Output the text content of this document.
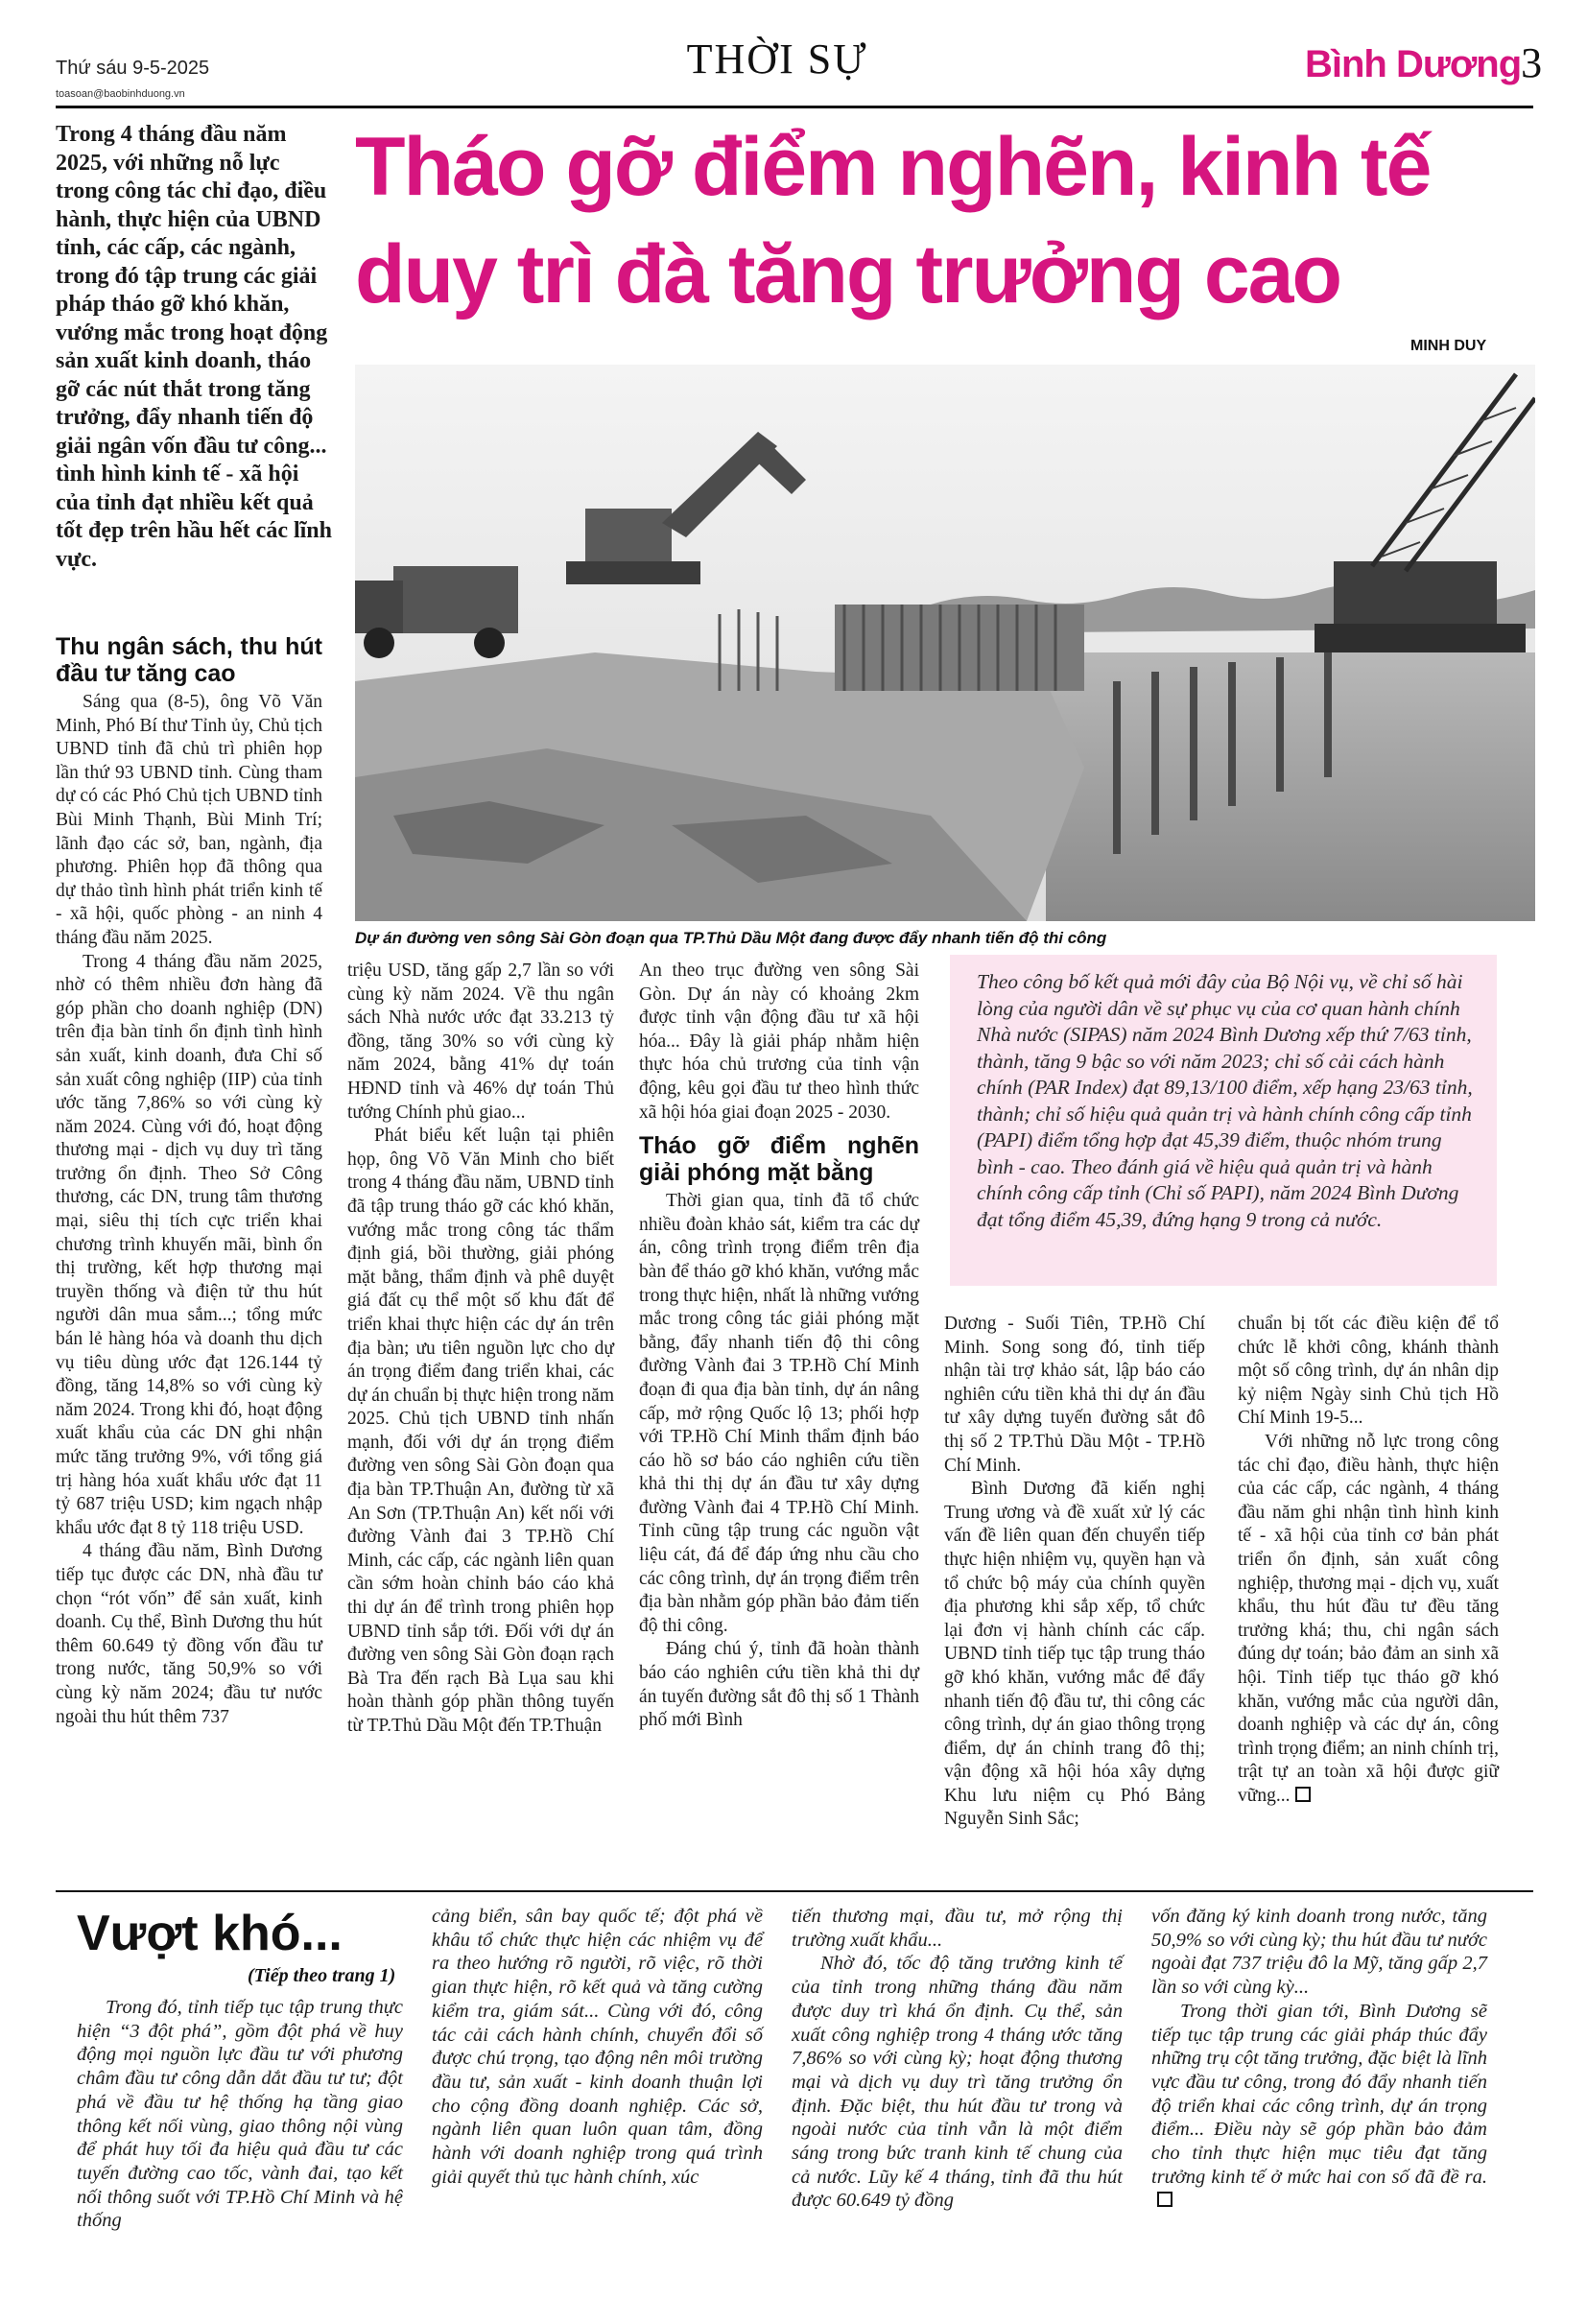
Thứ sáu 9-5-2025
toasoan@baobinhduong.vn
THỜI SỰ	Bình Dương3
Trong 4 tháng đầu năm 2025, với những nỗ lực trong công tác chỉ đạo, điều hành, thực hiện của UBND tỉnh, các cấp, các ngành, trong đó tập trung các giải pháp tháo gỡ khó khăn, vướng mắc trong hoạt động sản xuất kinh doanh, tháo gỡ các nút thắt trong tăng trưởng, đẩy nhanh tiến độ giải ngân vốn đầu tư công... tình hình kinh tế - xã hội của tỉnh đạt nhiều kết quả tốt đẹp trên hầu hết các lĩnh vực.
Tháo gỡ điểm nghẽn, kinh tế
duy trì đà tăng trưởng cao
MINH DUY
Dự án đường ven sông Sài Gòn đoạn qua TP.Thủ Dầu Một đang được đẩy nhanh tiến độ thi công
Thu ngân sách, thu hút đầu tư tăng cao

Sáng qua (8-5), ông Võ Văn Minh, Phó Bí thư Tỉnh ủy, Chủ tịch UBND tỉnh đã chủ trì phiên họp lần thứ 93 UBND tỉnh. Cùng tham dự có các Phó Chủ tịch UBND tỉnh Bùi Minh Thạnh, Bùi Minh Trí; lãnh đạo các sở, ban, ngành, địa phương. Phiên họp đã thông qua dự thảo tình hình phát triển kinh tế - xã hội, quốc phòng - an ninh 4 tháng đầu năm 2025.

Trong 4 tháng đầu năm 2025, nhờ có thêm nhiều đơn hàng đã góp phần cho doanh nghiệp (DN) trên địa bàn tỉnh ổn định tình hình sản xuất, kinh doanh, đưa Chỉ số sản xuất công nghiệp (IIP) của tỉnh ước tăng 7,86% so với cùng kỳ năm 2024. Cùng với đó, hoạt động thương mại - dịch vụ duy trì tăng trưởng ổn định. Theo Sở Công thương, các DN, trung tâm thương mại, siêu thị tích cực triển khai chương trình khuyến mãi, bình ổn thị trường, kết hợp thương mại truyền thống và điện tử thu hút người dân mua sắm...; tổng mức bán lẻ hàng hóa và doanh thu dịch vụ tiêu dùng ước đạt 126.144 tỷ đồng, tăng 14,8% so với cùng kỳ năm 2024. Trong khi đó, hoạt động xuất khẩu của các DN ghi nhận mức tăng trưởng 9%, với tổng giá trị hàng hóa xuất khẩu ước đạt 11 tỷ 687 triệu USD; kim ngạch nhập khẩu ước đạt 8 tỷ 118 triệu USD.

4 tháng đầu năm, Bình Dương tiếp tục được các DN, nhà đầu tư chọn “rót vốn” để sản xuất, kinh doanh. Cụ thể, Bình Dương thu hút thêm 60.649 tỷ đồng vốn đầu tư trong nước, tăng 50,9% so với cùng kỳ năm 2024; đầu tư nước ngoài thu hút thêm 737

triệu USD, tăng gấp 2,7 lần so với cùng kỳ năm 2024. Về thu ngân sách Nhà nước ước đạt 33.213 tỷ đồng, tăng 30% so với cùng kỳ năm 2024, bằng 41% dự toán HĐND tỉnh và 46% dự toán Thủ tướng Chính phủ giao...

Phát biểu kết luận tại phiên họp, ông Võ Văn Minh cho biết trong 4 tháng đầu năm, UBND tỉnh đã tập trung tháo gỡ các khó khăn, vướng mắc trong công tác thẩm định giá, bồi thường, giải phóng mặt bằng, thẩm định và phê duyệt giá đất cụ thể một số khu đất để triển khai thực hiện các dự án trên địa bàn; ưu tiên nguồn lực cho dự án trọng điểm đang triển khai, các dự án chuẩn bị thực hiện trong năm 2025. Chủ tịch UBND tỉnh nhấn mạnh, đối với dự án trọng điểm đường ven sông Sài Gòn đoạn qua địa bàn TP.Thuận An, đường từ xã An Sơn (TP.Thuận An) kết nối với đường Vành đai 3 TP.Hồ Chí Minh, các cấp, các ngành liên quan cần sớm hoàn chỉnh báo cáo khả thi dự án để trình trong phiên họp UBND tỉnh sắp tới. Đối với dự án đường ven sông Sài Gòn đoạn rạch Bà Tra đến rạch Bà Lụa sau khi hoàn thành góp phần thông tuyến từ TP.Thủ Dầu Một đến TP.Thuận

An theo trục đường ven sông Sài Gòn. Dự án này có khoảng 2km được tỉnh vận động đầu tư xã hội hóa... Đây là giải pháp nhằm hiện thực hóa chủ trương của tỉnh vận động, kêu gọi đầu tư theo hình thức xã hội hóa giai đoạn 2025 - 2030.

Tháo gỡ điểm nghẽn giải phóng mặt bằng

Thời gian qua, tỉnh đã tổ chức nhiều đoàn khảo sát, kiểm tra các dự án, công trình trọng điểm trên địa bàn để tháo gỡ khó khăn, vướng mắc trong thực hiện, nhất là những vướng mắc trong công tác giải phóng mặt bằng, đẩy nhanh tiến độ thi công đường Vành đai 3 TP.Hồ Chí Minh đoạn đi qua địa bàn tỉnh, dự án nâng cấp, mở rộng Quốc lộ 13; phối hợp với TP.Hồ Chí Minh thẩm định báo cáo hồ sơ báo cáo nghiên cứu tiền khả thi thị dự án đầu tư xây dựng đường Vành đai 4 TP.Hồ Chí Minh. Tỉnh cũng tập trung các nguồn vật liệu cát, đá để đáp ứng nhu cầu cho các công trình, dự án trọng điểm trên địa bàn nhằm góp phần bảo đảm tiến độ thi công.

Đáng chú ý, tỉnh đã hoàn thành báo cáo nghiên cứu tiền khả thi dự án tuyến đường sắt đô thị số 1 Thành phố mới Bình

Theo công bố kết quả mới đây của Bộ Nội vụ, về chỉ số hài lòng của người dân về sự phục vụ của cơ quan hành chính Nhà nước (SIPAS) năm 2024 Bình Dương xếp thứ 7/63 tỉnh, thành, tăng 9 bậc so với năm 2023; chỉ số cải cách hành chính (PAR Index) đạt 89,13/100 điểm, xếp hạng 23/63 tỉnh, thành; chỉ số hiệu quả quản trị và hành chính công cấp tỉnh (PAPI) điểm tổng hợp đạt 45,39 điểm, thuộc nhóm trung bình - cao. Theo đánh giá về hiệu quả quản trị và hành chính công cấp tỉnh (Chỉ số PAPI), năm 2024 Bình Dương đạt tổng điểm 45,39, đứng hạng 9 trong cả nước.

Dương - Suối Tiên, TP.Hồ Chí Minh. Song song đó, tỉnh tiếp nhận tài trợ khảo sát, lập báo cáo nghiên cứu tiền khả thi dự án đầu tư xây dựng tuyến đường sắt đô thị số 2 TP.Thủ Dầu Một - TP.Hồ Chí Minh.

Bình Dương đã kiến nghị Trung ương và đề xuất xử lý các vấn đề liên quan đến chuyển tiếp thực hiện nhiệm vụ, quyền hạn và tổ chức bộ máy của chính quyền địa phương khi sắp xếp, tổ chức lại đơn vị hành chính các cấp. UBND tỉnh tiếp tục tập trung tháo gỡ khó khăn, vướng mắc để đẩy nhanh tiến độ đầu tư, thi công các công trình, dự án giao thông trọng điểm, dự án chỉnh trang đô thị; vận động xã hội hóa xây dựng Khu lưu niệm cụ Phó Bảng Nguyễn Sinh Sắc;

chuẩn bị tốt các điều kiện để tổ chức lễ khởi công, khánh thành một số công trình, dự án nhân dịp kỷ niệm Ngày sinh Chủ tịch Hồ Chí Minh 19-5...

Với những nỗ lực trong công tác chỉ đạo, điều hành, thực hiện của các cấp, các ngành, 4 tháng đầu năm ghi nhận tình hình kinh tế - xã hội của tỉnh cơ bản phát triển ổn định, sản xuất công nghiệp, thương mại - dịch vụ, xuất khẩu, thu hút đầu tư đều tăng trưởng khá; thu, chi ngân sách đúng dự toán; bảo đảm an sinh xã hội. Tỉnh tiếp tục tháo gỡ khó khăn, vướng mắc của người dân, doanh nghiệp và các dự án, công trình trọng điểm; an ninh chính trị, trật tự an toàn xã hội được giữ vững...

Vượt khó...
(Tiếp theo trang 1)

Trong đó, tỉnh tiếp tục tập trung thực hiện “3 đột phá”, gồm đột phá về huy động mọi nguồn lực đầu tư với phương châm đầu tư công dẫn dắt đầu tư tư; đột phá về đầu tư hệ thống hạ tầng giao thông kết nối vùng, giao thông nội vùng để phát huy tối đa hiệu quả đầu tư các tuyến đường cao tốc, vành đai, tạo kết nối thông suốt với TP.Hồ Chí Minh và hệ thống

cảng biển, sân bay quốc tế; đột phá về khâu tổ chức thực hiện các nhiệm vụ để ra theo hướng rõ người, rõ việc, rõ thời gian thực hiện, rõ kết quả và tăng cường kiểm tra, giám sát... Cùng với đó, công tác cải cách hành chính, chuyển đổi số được chú trọng, tạo động nên môi trường đầu tư, sản xuất - kinh doanh thuận lợi cho cộng đồng doanh nghiệp. Các sở, ngành liên quan luôn quan tâm, đồng hành với doanh nghiệp trong quá trình giải quyết thủ tục hành chính, xúc

tiến thương mại, đầu tư, mở rộng thị trường xuất khẩu...

Nhờ đó, tốc độ tăng trưởng kinh tế của tỉnh trong những tháng đầu năm được duy trì khá ổn định. Cụ thể, sản xuất công nghiệp trong 4 tháng ước tăng 7,86% so với cùng kỳ; hoạt động thương mại và dịch vụ duy trì tăng trưởng ổn định. Đặc biệt, thu hút đầu tư trong và ngoài nước của tỉnh vẫn là một điểm sáng trong bức tranh kinh tế chung của cả nước. Lũy kế 4 tháng, tỉnh đã thu hút được 60.649 tỷ đồng

vốn đăng ký kinh doanh trong nước, tăng 50,9% so với cùng kỳ; thu hút đầu tư nước ngoài đạt 737 triệu đô la Mỹ, tăng gấp 2,7 lần so với cùng kỳ...

Trong thời gian tới, Bình Dương sẽ tiếp tục tập trung các giải pháp thúc đẩy những trụ cột tăng trưởng, đặc biệt là lĩnh vực đầu tư công, trong đó đẩy nhanh tiến độ triển khai các công trình, dự án trọng điểm... Điều này sẽ góp phần bảo đảm cho tỉnh thực hiện mục tiêu đạt tăng trưởng kinh tế ở mức hai con số đã đề ra.
